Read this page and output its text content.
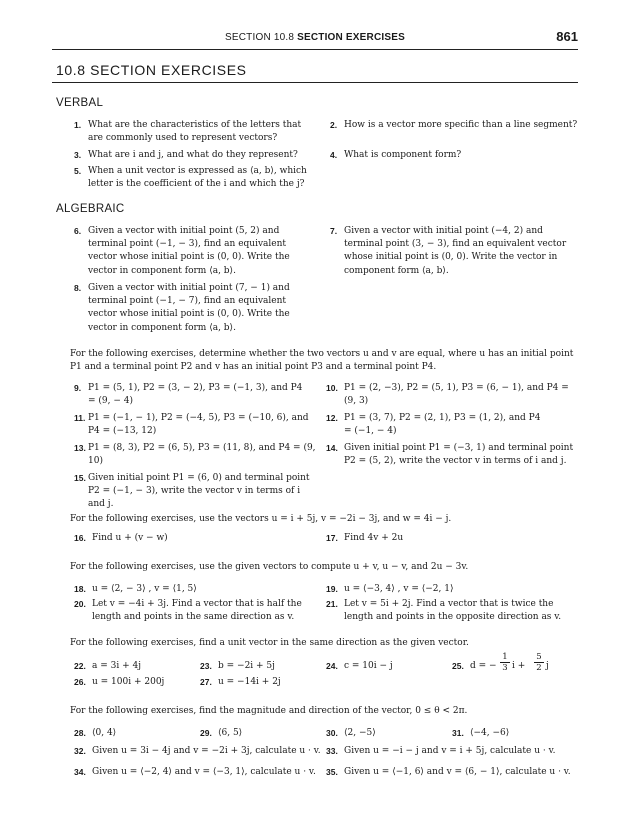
SECTION 10.8 SECTION EXERCISES	861
10.8 SECTION EXERCISES
VERBAL
1. What are the characteristics of the letters that are commonly used to represent vectors?
2. How is a vector more specific than a line segment?
3. What are i and j, and what do they represent?	4. What is component form?
5. When a unit vector is expressed as ⟨a, b⟩, which letter is the coefficient of the i and which the j?
ALGEBRAIC
6. Given a vector with initial point (5, 2) and terminal point (−1, − 3), find an equivalent vector whose initial point is (0, 0). Write the vector in component form ⟨a, b⟩.
7. Given a vector with initial point (−4, 2) and terminal point (3, − 3), find an equivalent vector whose initial point is (0, 0). Write the vector in component form ⟨a, b⟩.
8. Given a vector with initial point (7, − 1) and terminal point (−1, − 7), find an equivalent vector whose initial point is (0, 0). Write the vector in component form ⟨a, b⟩.
For the following exercises, determine whether the two vectors u and v are equal, where u has an initial point P1 and a terminal point P2 and v has an initial point P3 and a terminal point P4.
9. P1 = (5, 1), P2 = (3, − 2), P3 = (−1, 3), and P4 = (9, − 4)
10. P1 = (2, −3), P2 = (5, 1), P3 = (6, − 1), and P4 = (9, 3)
11. P1 = (−1, − 1), P2 = (−4, 5), P3 = (−10, 6), and P4 = (−13, 12)
12. P1 = (3, 7), P2 = (2, 1), P3 = (1, 2), and P4 = (−1, − 4)
13. P1 = (8, 3), P2 = (6, 5), P3 = (11, 8), and P4 = (9, 10)
14. Given initial point P1 = (−3, 1) and terminal point P2 = (5, 2), write the vector v in terms of i and j.
15. Given initial point P1 = (6, 0) and terminal point P2 = (−1, − 3), write the vector v in terms of i and j.
For the following exercises, use the vectors u = i + 5j, v = −2i − 3j, and w = 4i − j.
16. Find u + (v − w)	17. Find 4v + 2u
For the following exercises, use the given vectors to compute u + v, u − v, and 2u − 3v.
18. u = ⟨2, − 3⟩ , v = ⟨1, 5⟩	19. u = ⟨−3, 4⟩ , v = ⟨−2, 1⟩
20. Let v = −4i + 3j. Find a vector that is half the length and points in the same direction as v.
21. Let v = 5i + 2j. Find a vector that is twice the length and points in the opposite direction as v.
For the following exercises, find a unit vector in the same direction as the given vector.
22. a = 3i + 4j	23. b = −2i + 5j	24. c = 10i − j	25. d = − $\frac{1}{3}$ $i + \frac{5}{2}$ j
26. u = 100i + 200j	27. u = −14i + 2j
For the following exercises, find the magnitude and direction of the vector, 0 ≤ θ < 2π.
28. ⟨0, 4⟩	29. ⟨6, 5⟩	30. ⟨2, −5⟩	31. ⟨−4, −6⟩
32. Given u = 3i − 4j and v = −2i + 3j, calculate u · v. 33. Given u = −i − j and v = i + 5j, calculate u · v.
34. Given u = ⟨−2, 4⟩ and v = ⟨−3, 1⟩, calculate u · v.	35. Given u = ⟨−1, 6⟩ and v = ⟨6, − 1⟩, calculate u · v.
